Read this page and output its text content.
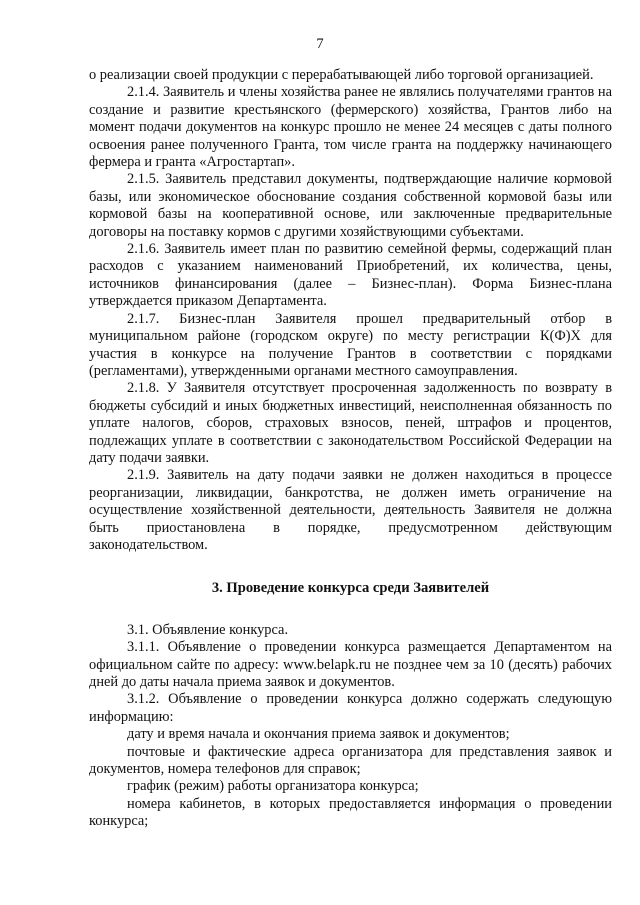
7

о реализации своей продукции с перерабатывающей либо торговой организацией.

2.1.4. Заявитель и члены хозяйства ранее не являлись получателями грантов на создание и развитие крестьянского (фермерского) хозяйства, Грантов либо на момент подачи документов на конкурс прошло не менее 24 месяцев с даты полного освоения ранее полученного Гранта, том числе гранта на поддержку начинающего фермера и гранта «Агростартап».

2.1.5. Заявитель представил документы, подтверждающие наличие кормовой базы, или экономическое обоснование создания собственной кормовой базы или кормовой базы на кооперативной основе, или заключенные предварительные договоры на поставку кормов с другими хозяйствующими субъектами.

2.1.6. Заявитель имеет план по развитию семейной фермы, содержащий план расходов с указанием наименований Приобретений, их количества, цены, источников финансирования (далее – Бизнес-план). Форма Бизнес-плана утверждается приказом Департамента.

2.1.7. Бизнес-план Заявителя прошел предварительный отбор в муниципальном районе (городском округе) по месту регистрации К(Ф)Х для участия в конкурсе на получение Грантов в соответствии с порядками (регламентами), утвержденными органами местного самоуправления.

2.1.8. У Заявителя отсутствует просроченная задолженность по возврату в бюджеты субсидий и иных бюджетных инвестиций, неисполненная обязанность по уплате налогов, сборов, страховых взносов, пеней, штрафов и процентов, подлежащих уплате в соответствии с законодательством Российской Федерации на дату подачи заявки.

2.1.9. Заявитель на дату подачи заявки не должен находиться в процессе реорганизации, ликвидации, банкротства, не должен иметь ограничение на осуществление хозяйственной деятельности, деятельность Заявителя не должна быть приостановлена в порядке, предусмотренном действующим законодательством.

3. Проведение конкурса среди Заявителей

3.1. Объявление конкурса.

3.1.1. Объявление о проведении конкурса размещается Департаментом на официальном сайте по адресу: www.belapk.ru не позднее чем за 10 (десять) рабочих дней до даты начала приема заявок и документов.

3.1.2. Объявление о проведении конкурса должно содержать следующую информацию:

дату и время начала и окончания приема заявок и документов;

почтовые и фактические адреса организатора для представления заявок и документов, номера телефонов для справок;

график (режим) работы организатора конкурса;

номера кабинетов, в которых предоставляется информация о проведении конкурса;
